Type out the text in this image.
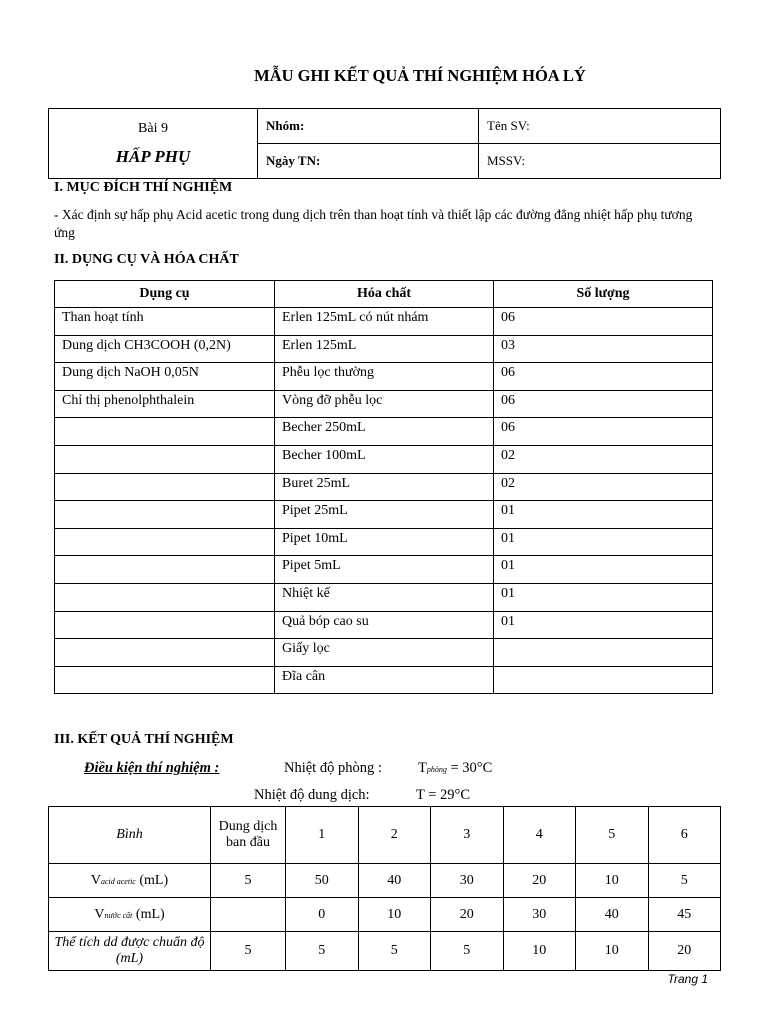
MẪU GHI KẾT QUẢ THÍ NGHIỆM HÓA LÝ
Bài 9
HẤP PHỤ	Nhóm:	Tên SV:
	Ngày TN:	MSSV:
I. MỤC ĐÍCH THÍ NGHIỆM
- Xác định sự hấp phụ Acid acetic trong dung dịch trên than hoạt tính và thiết lập các đường đẳng nhiệt hấp phụ tương ứng
II. DỤNG CỤ VÀ HÓA CHẤT
Dụng cụ	Hóa chất	Số lượng
Than hoạt tính	Erlen 125mL có nút nhám	06
Dung dịch CH3COOH (0,2N)	Erlen 125mL	03
Dung dịch NaOH 0,05N	Phễu lọc thường	06
Chỉ thị phenolphthalein	Vòng đỡ phễu lọc	06
	Becher 250mL	06
	Becher 100mL	02
	Buret 25mL	02
	Pipet 25mL	01
	Pipet 10mL	01
	Pipet 5mL	01
	Nhiệt kế	01
	Quả bóp cao su	01
	Giấy lọc	
	Đĩa cân	
III. KẾT QUẢ THÍ NGHIỆM
Điều kiện thí nghiệm :	Nhiệt độ phòng : Tphòng = 30°C
Nhiệt độ dung dịch:	T = 29°C
Bình	Dung dịch ban đầu	1	2	3	4	5	6
Vacid acetic (mL)	5	50	40	30	20	10	5
Vnước cất (mL)		0	10	20	30	40	45
Thể tích dd được chuẩn độ (mL)	5	5	5	5	10	10	20
Trang 1
